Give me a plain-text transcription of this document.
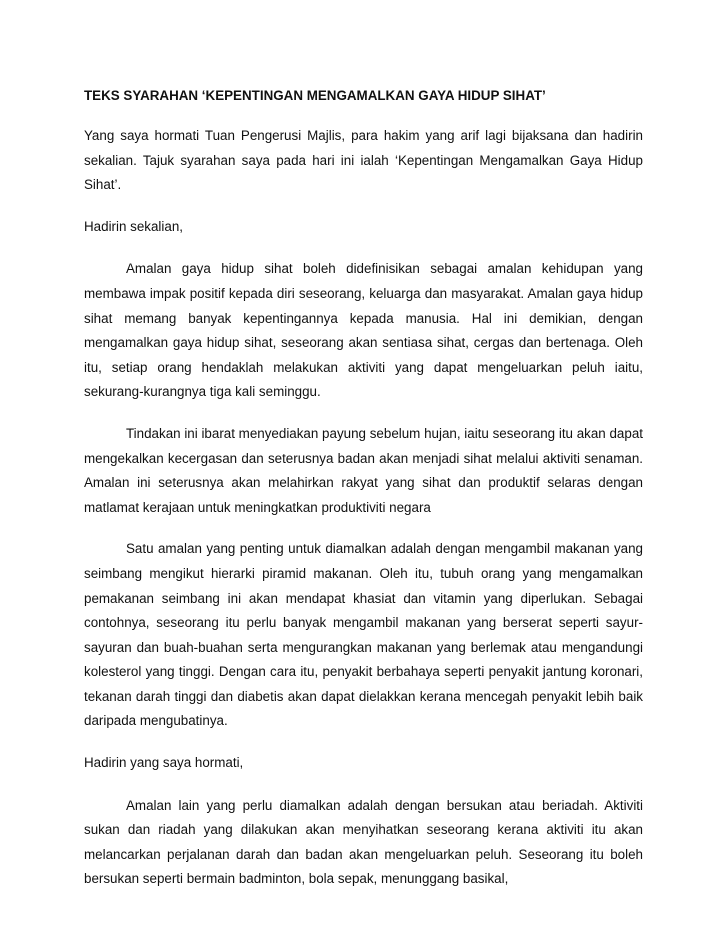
TEKS SYARAHAN ‘KEPENTINGAN MENGAMALKAN GAYA HIDUP SIHAT’

Yang saya hormati Tuan Pengerusi Majlis, para hakim yang arif lagi bijaksana dan hadirin sekalian. Tajuk syarahan saya pada hari ini ialah ‘Kepentingan Mengamalkan Gaya Hidup Sihat’.

Hadirin sekalian,

Amalan gaya hidup sihat boleh didefinisikan sebagai amalan kehidupan yang membawa impak positif kepada diri seseorang, keluarga dan masyarakat. Amalan gaya hidup sihat memang banyak kepentingannya kepada manusia. Hal ini demikian, dengan mengamalkan gaya hidup sihat, seseorang akan sentiasa sihat, cergas dan bertenaga. Oleh itu, setiap orang hendaklah melakukan aktiviti yang dapat mengeluarkan peluh iaitu, sekurang-kurangnya tiga kali seminggu.

Tindakan ini ibarat menyediakan payung sebelum hujan, iaitu seseorang itu akan dapat mengekalkan kecergasan dan seterusnya badan akan menjadi sihat melalui aktiviti senaman. Amalan ini seterusnya akan melahirkan rakyat yang sihat dan produktif selaras dengan matlamat kerajaan untuk meningkatkan produktiviti negara

Satu amalan yang penting untuk diamalkan adalah dengan mengambil makanan yang seimbang mengikut hierarki piramid makanan. Oleh itu, tubuh orang yang mengamalkan pemakanan seimbang ini akan mendapat khasiat dan vitamin yang diperlukan. Sebagai contohnya, seseorang itu perlu banyak mengambil makanan yang berserat seperti sayur-sayuran dan buah-buahan serta mengurangkan makanan yang berlemak atau mengandungi kolesterol yang tinggi. Dengan cara itu, penyakit berbahaya seperti penyakit jantung koronari, tekanan darah tinggi dan diabetis akan dapat dielakkan kerana mencegah penyakit lebih baik daripada mengubatinya.

Hadirin yang saya hormati,

Amalan lain yang perlu diamalkan adalah dengan bersukan atau beriadah. Aktiviti sukan dan riadah yang dilakukan akan menyihatkan seseorang kerana aktiviti itu akan melancarkan perjalanan darah dan badan akan mengeluarkan peluh. Seseorang itu boleh bersukan seperti bermain badminton, bola sepak, menunggang basikal,
